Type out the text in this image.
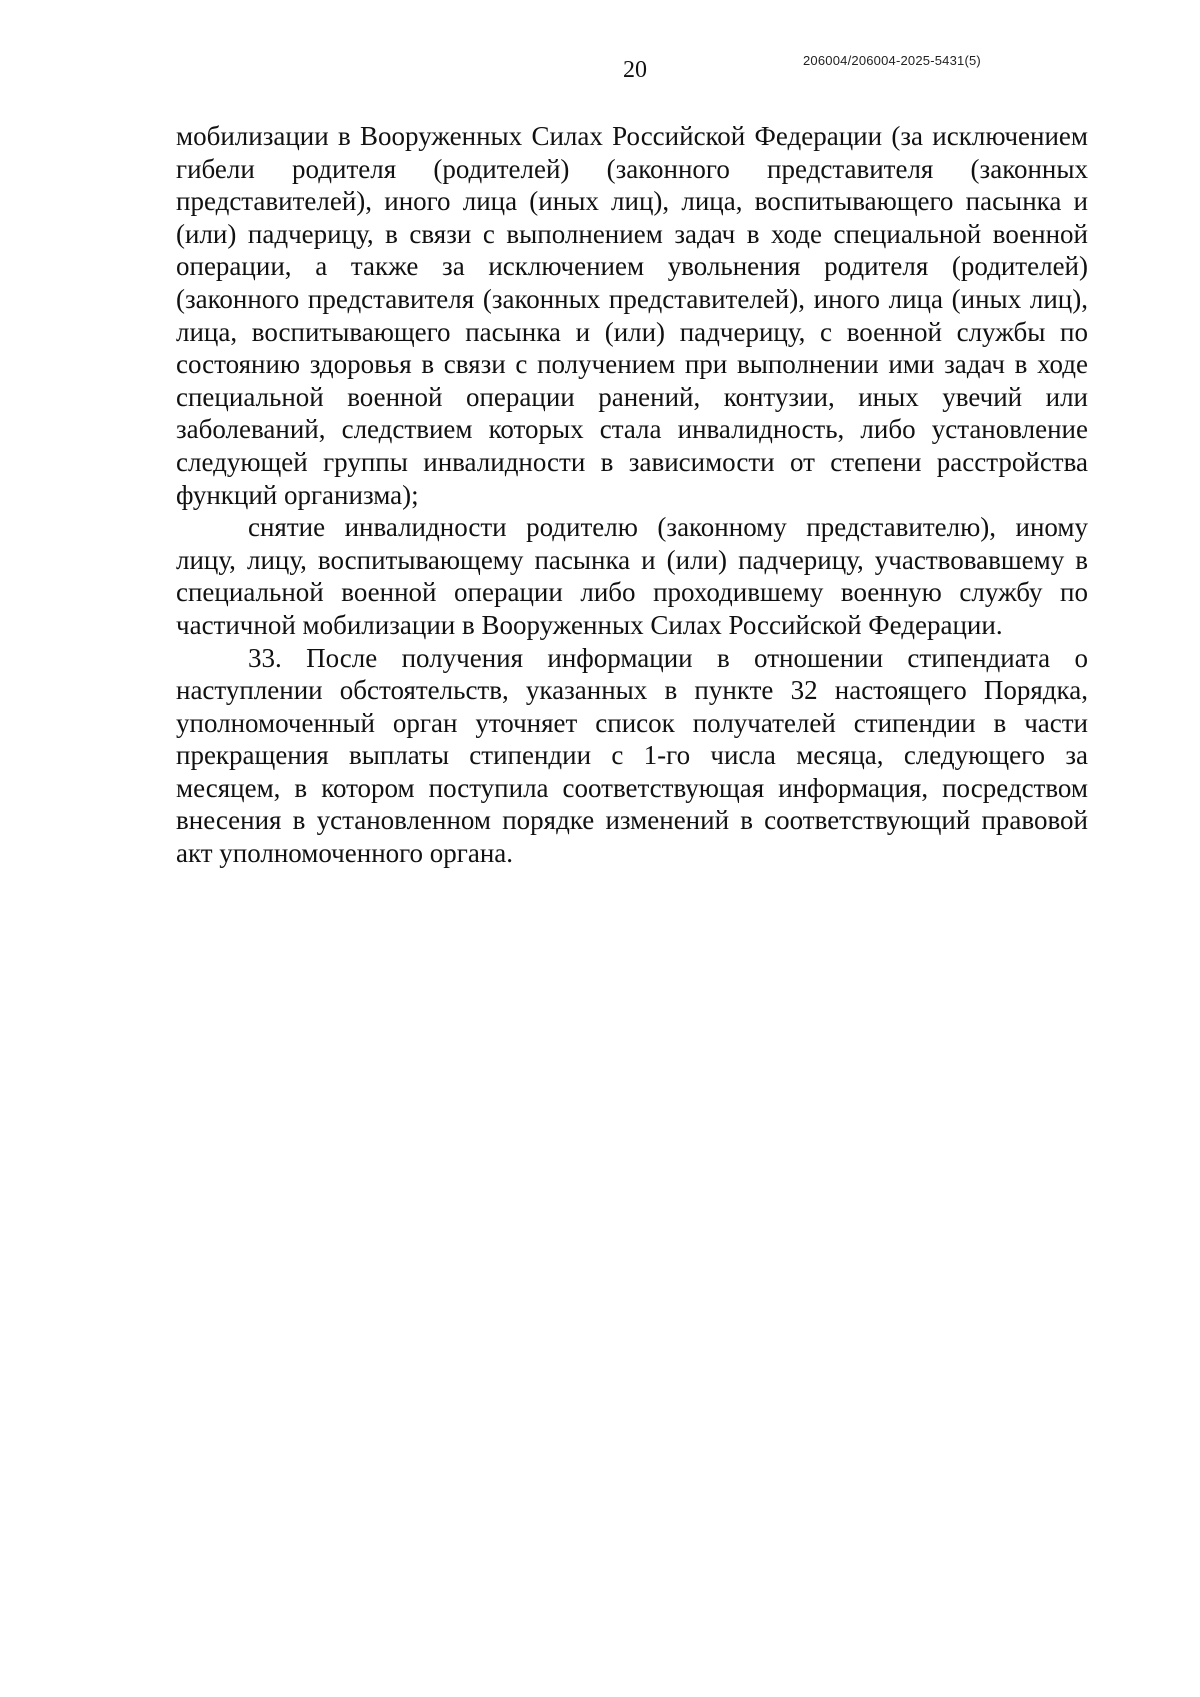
20	206004/206004-2025-5431(5)

мобилизации в Вооруженных Силах Российской Федерации (за исключением гибели родителя (родителей) (законного представителя (законных представителей), иного лица (иных лиц), лица, воспитывающего пасынка и (или) падчерицу, в связи с выполнением задач в ходе специальной военной операции, а также за исключением увольнения родителя (родителей) (законного представителя (законных представителей), иного лица (иных лиц), лица, воспитывающего пасынка и (или) падчерицу, с военной службы по состоянию здоровья в связи с получением при выполнении ими задач в ходе специальной военной операции ранений, контузии, иных увечий или заболеваний, следствием которых стала инвалидность, либо установление следующей группы инвалидности в зависимости от степени расстройства функций организма);

снятие инвалидности родителю (законному представителю), иному лицу, лицу, воспитывающему пасынка и (или) падчерицу, участвовавшему в специальной военной операции либо проходившему военную службу по частичной мобилизации в Вооруженных Силах Российской Федерации.

33. После получения информации в отношении стипендиата о наступлении обстоятельств, указанных в пункте 32 настоящего Порядка, уполномоченный орган уточняет список получателей стипендии в части прекращения выплаты стипендии с 1-го числа месяца, следующего за месяцем, в котором поступила соответствующая информация, посредством внесения в установленном порядке изменений в соответствующий правовой акт уполномоченного органа.
